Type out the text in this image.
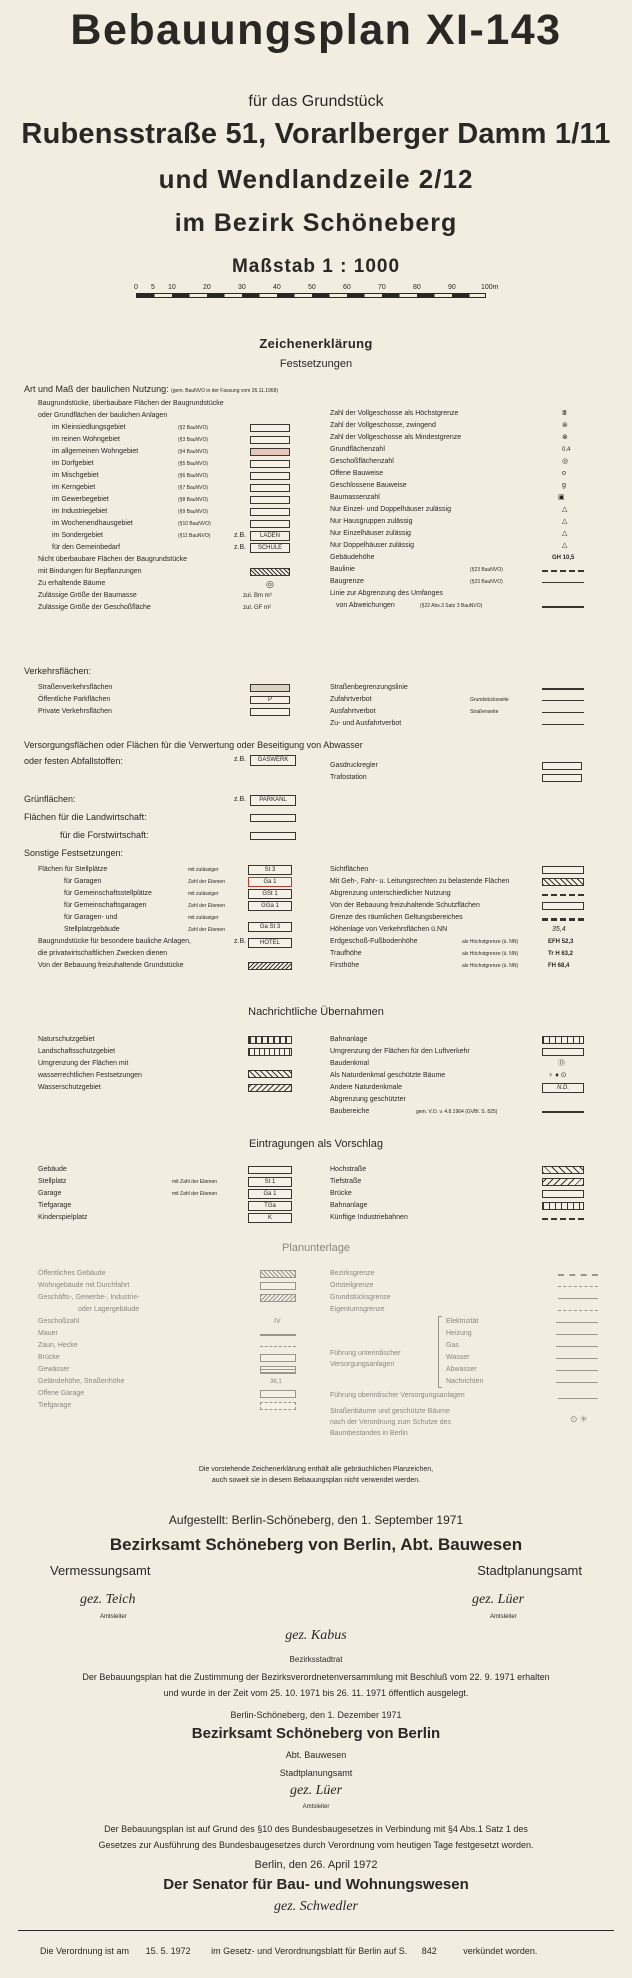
Bebauungsplan XI-143
für das Grundstück
Rubensstraße 51, Vorarlberger Damm 1/11
und Wendlandzeile 2/12
im Bezirk Schöneberg
Maßstab 1 : 1000
0 5 10	20	30	40	50	60	70	80	90	100m
Zeichenerklärung
Festsetzungen
Art und Maß der baulichen Nutzung: (gem. BauNVO in der Fassung vom 26.11.1968)
Baugrundstücke, überbaubare Flächen der Baugrundstücke
oder Grundflächen der baulichen Anlagen
im Kleinsiedlungsgebiet	(§2 BauNVO)
im reinen Wohngebiet	(§3 BauNVO)
im allgemeinen Wohngebiet	(§4 BauNVO)
im Dorfgebiet	(§5 BauNVO)
im Mischgebiet	(§6 BauNVO)
im Kerngebiet	(§7 BauNVO)
im Gewerbegebiet	(§8 BauNVO)
im Industriegebiet	(§9 BauNVO)
im Wochenendhausgebiet	(§10 BauNVO)
im Sondergebiet	(§11 BauNVO)	z.B.	LADEN
für den Gemeinbedarf	z.B.	SCHULE
Nicht überbaubare Flächen der Baugrundstücke
mit Bindungen für Bepflanzungen
Zu erhaltende Bäume	◎
Zulässige Größe der Baumasse	zul. Bm m³
Zulässige Größe der Geschoßfläche	zul. GF m²
Zahl der Vollgeschosse als Höchstgrenze	Ⅲ
Zahl der Vollgeschosse, zwingend	⊛
Zahl der Vollgeschosse als Mindestgrenze	⊗
Grundflächenzahl	0,4
Geschoßflächenzahl	◎
Offene Bauweise	o
Geschlossene Bauweise	g
Baumassenzahl	▣
Nur Einzel- und Doppelhäuser zulässig	△
Nur Hausgruppen zulässig	△
Nur Einzelhäuser zulässig	△
Nur Doppelhäuser zulässig	△
Gebäudehöhe	GH 10,5
Baulinie	(§23 BauNVO)
Baugrenze	(§23 BauNVO)
Linie zur Abgrenzung des Umfanges
von Abweichungen	(§22 Abs.3 Satz 3 BauNVO)
Verkehrsflächen:
Straßenverkehrsflächen
Öffentliche Parkflächen	P
Private Verkehrsflächen
Straßenbegrenzungslinie
Zufahrtverbot	Grundstücksseite
Ausfahrtverbot	Straßenseite
Zu- und Ausfahrtverbot
Versorgungsflächen oder Flächen für die Verwertung oder Beseitigung von Abwasser
oder festen Abfallstoffen:	z.B.	GASWERK
Gasdruckregler
Trafostation
Grünflächen:	z.B.	PARKANL
Flächen für die Landwirtschaft:
für die Forstwirtschaft:
Sonstige Festsetzungen:
Flächen für Stellplätze	mit zulässiger	St 3
für Garagen	Zahl der Ebenen	Ga 1
für Gemeinschaftsstellplätze	mit zulässiger	GSt 1
für Gemeinschaftsgaragen	Zahl der Ebenen	GGa 1
für Garagen- und	mit zulässiger
Stellplatzgebäude	Zahl der Ebenen	Ga St 3
Baugrundstücke für besondere bauliche Anlagen,	z.B.	HOTEL
die privatwirtschaftlichen Zwecken dienen
Von der Bebauung freizuhaltende Grundstücke
Sichtflächen
Mit Geh-, Fahr- u. Leitungsrechten zu belastende Flächen
Abgrenzung unterschiedlicher Nutzung
Von der Bebauung freizuhaltende Schutzflächen
Grenze des räumlichen Geltungsbereiches
Höhenlage von Verkehrsflächen ü.NN	35,4
Erdgeschoß-Fußbodenhöhe	als Höchstgrenze (ü. NN)	EFH 52,3
Traufhöhe	als Höchstgrenze (ü. NN)	Tr H 63,2
Firsthöhe	als Höchstgrenze (ü. NN)	FH 68,4
Nachrichtliche Übernahmen
Naturschutzgebiet
Landschaftsschutzgebiet
Umgrenzung der Flächen mit
wasserrechtlichen Festsetzungen
Wasserschutzgebiet
Bahnanlage
Umgrenzung der Flächen für den Luftverkehr
Baudenkmal	Ⓓ
Als Naturdenkmal geschützte Bäume	♀ ♦ ⊙
Andere Naturdenkmale	N.D.
Abgrenzung geschützter
Baubereiche	gem. V.O. v. 4.8.1964 (GVBl. S. 825)
Eintragungen als Vorschlag
Gebäude
Stellplatz	mit Zahl der Ebenen	St 1
Garage	mit Zahl der Ebenen	Ga 1
Tiefgarage	TGa
Kinderspielplatz	K
Hochstraße
Tiefstraße
Brücke
Bahnanlage
Künftige Industriebahnen
Planunterlage
Öffentliches Gebäude
Wohngebäude mit Durchfahrt
Geschäfts-, Gewerbe-, Industrie-
oder Lagergebäude
Geschoßzahl	IV
Mauer
Zaun, Hecke
Brücke
Gewässer
Geländehöhe, Straßenhöhe	36,1
Offene Garage
Tiefgarage
Bezirksgrenze
Ortsteilgrenze
Grundstücksgrenze
Eigentumsgrenze
Elektrizität
Heizung
Gas
Wasser
Abwasser
Nachrichten
Führung unterirdischer
Versorgungsanlagen
Führung oberirdischer Versorgungsanlagen
Straßenbäume und geschützte Bäume
nach der Verordnung zum Schutze des
Baumbestandes in Berlin
⊙ ✳
Die vorstehende Zeichenerklärung enthält alle gebräuchlichen Planzeichen,
auch soweit sie in diesem Bebauungsplan nicht verwendet werden.
Aufgestellt: Berlin-Schöneberg, den 1. September 1971
Bezirksamt Schöneberg von Berlin, Abt. Bauwesen
Vermessungsamt	Stadtplanungsamt
gez. Teich	gez. Lüer
Amtsleiter	Amtsleiter
gez. Kabus
Bezirksstadtrat
Der Bebauungsplan hat die Zustimmung der Bezirksverordnetenversammlung mit Beschluß vom 22. 9. 1971 erhalten
und wurde in der Zeit vom 25. 10. 1971 bis 26. 11. 1971 öffentlich ausgelegt.
Berlin-Schöneberg, den 1. Dezember 1971
Bezirksamt Schöneberg von Berlin
Abt. Bauwesen
Stadtplanungsamt
gez. Lüer
Amtsleiter
Der Bebauungsplan ist auf Grund des §10 des Bundesbaugesetzes in Verbindung mit §4 Abs.1 Satz 1 des
Gesetzes zur Ausführung des Bundesbaugesetzes durch Verordnung vom heutigen Tage festgesetzt worden.
Berlin, den 26. April 1972
Der Senator für Bau- und Wohnungswesen
gez. Schwedler
Die Verordnung ist am 15. 5. 1972 im Gesetz- und Verordnungsblatt für Berlin auf S. 842	verkündet worden.
